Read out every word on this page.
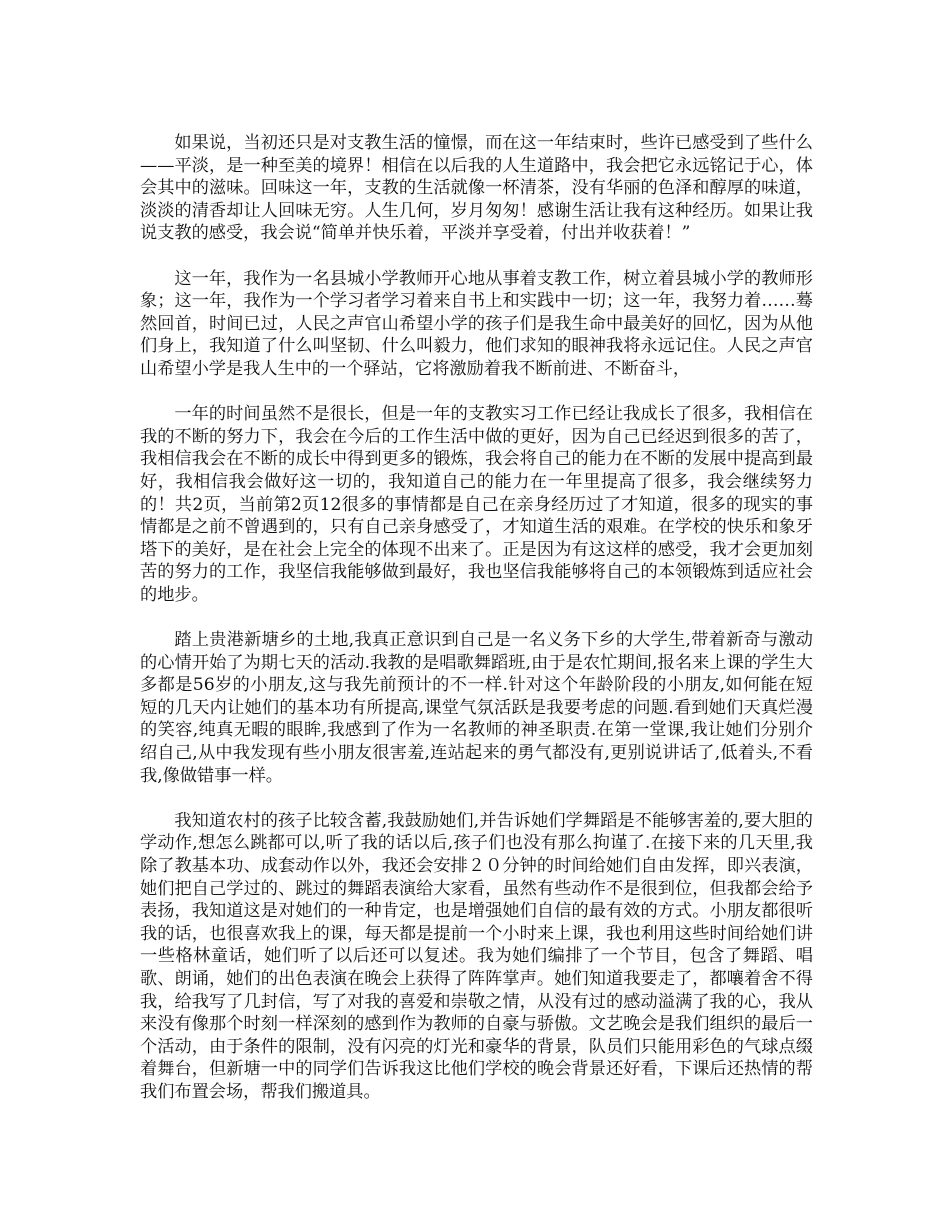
如果说，当初还只是对支教生活的憧憬，而在这一年结束时，些许已感受到了些什么——平淡，是一种至美的境界！相信在以后我的人生道路中，我会把它永远铭记于心，体会其中的滋味。回味这一年，支教的生活就像一杯清茶，没有华丽的色泽和醇厚的味道，淡淡的清香却让人回味无穷。人生几何，岁月匆匆！感谢生活让我有这种经历。如果让我说支教的感受，我会说“简单并快乐着，平淡并享受着，付出并收获着！”

这一年，我作为一名县城小学教师开心地从事着支教工作，树立着县城小学的教师形象；这一年，我作为一个学习者学习着来自书上和实践中一切；这一年，我努力着……蓦然回首，时间已过，人民之声官山希望小学的孩子们是我生命中最美好的回忆，因为从他们身上，我知道了什么叫坚韧、什么叫毅力，他们求知的眼神我将永远记住。人民之声官山希望小学是我人生中的一个驿站，它将激励着我不断前进、不断奋斗，

一年的时间虽然不是很长，但是一年的支教实习工作已经让我成长了很多，我相信在我的不断的努力下，我会在今后的工作生活中做的更好，因为自己已经迟到很多的苦了，我相信我会在不断的成长中得到更多的锻炼，我会将自己的能力在不断的发展中提高到最好，我相信我会做好这一切的，我知道自己的能力在一年里提高了很多，我会继续努力的！共2页，当前第2页12很多的事情都是自己在亲身经历过了才知道，很多的现实的事情都是之前不曾遇到的，只有自己亲身感受了，才知道生活的艰难。在学校的快乐和象牙塔下的美好，是在社会上完全的体现不出来了。正是因为有这这样的感受，我才会更加刻苦的努力的工作，我坚信我能够做到最好，我也坚信我能够将自己的本领锻炼到适应社会的地步。

踏上贵港新塘乡的土地,我真正意识到自己是一名义务下乡的大学生,带着新奇与激动的心情开始了为期七天的活动.我教的是唱歌舞蹈班,由于是农忙期间,报名来上课的学生大多都是56岁的小朋友,这与我先前预计的不一样.针对这个年龄阶段的小朋友,如何能在短短的几天内让她们的基本功有所提高,课堂气氛活跃是我要考虑的问题.看到她们天真烂漫的笑容,纯真无暇的眼眸,我感到了作为一名教师的神圣职责.在第一堂课,我让她们分别介绍自己,从中我发现有些小朋友很害羞,连站起来的勇气都没有,更别说讲话了,低着头,不看我,像做错事一样。

我知道农村的孩子比较含蓄,我鼓励她们,并告诉她们学舞蹈是不能够害羞的,要大胆的学动作,想怎么跳都可以,听了我的话以后,孩子们也没有那么拘谨了.在接下来的几天里,我除了教基本功、成套动作以外，我还会安排２０分钟的时间给她们自由发挥，即兴表演，她们把自己学过的、跳过的舞蹈表演给大家看，虽然有些动作不是很到位，但我都会给予表扬，我知道这是对她们的一种肯定，也是增强她们自信的最有效的方式。小朋友都很听我的话，也很喜欢我上的课，每天都是提前一个小时来上课，我也利用这些时间给她们讲一些格林童话，她们听了以后还可以复述。我为她们编排了一个节目，包含了舞蹈、唱歌、朗诵，她们的出色表演在晚会上获得了阵阵掌声。她们知道我要走了，都嚷着舍不得我，给我写了几封信，写了对我的喜爱和崇敬之情，从没有过的感动溢满了我的心，我从来没有像那个时刻一样深刻的感到作为教师的自豪与骄傲。文艺晚会是我们组织的最后一个活动，由于条件的限制，没有闪亮的灯光和豪华的背景，队员们只能用彩色的气球点缀着舞台，但新塘一中的同学们告诉我这比他们学校的晚会背景还好看，下课后还热情的帮我们布置会场，帮我们搬道具。
